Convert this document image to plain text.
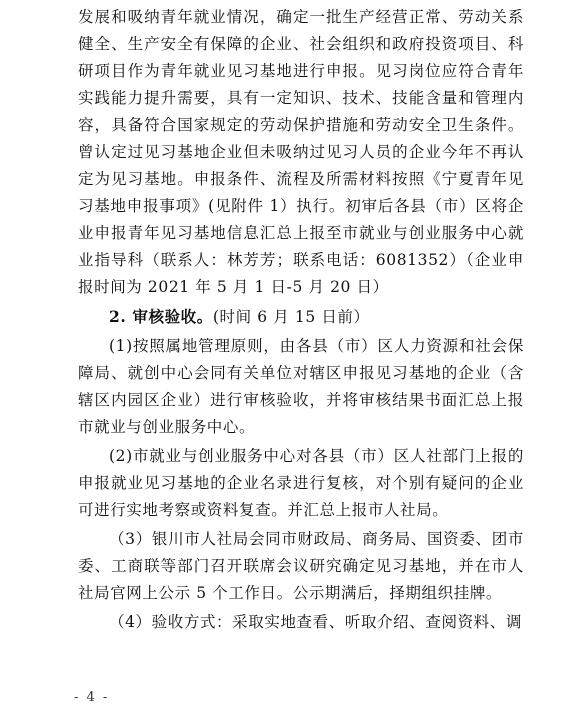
发展和吸纳青年就业情况，确定一批生产经营正常、劳动关系健全、生产安全有保障的企业、社会组织和政府投资项目、科研项目作为青年就业见习基地进行申报。见习岗位应符合青年实践能力提升需要，具有一定知识、技术、技能含量和管理内容，具备符合国家规定的劳动保护措施和劳动安全卫生条件。曾认定过见习基地企业但未吸纳过见习人员的企业今年不再认定为见习基地。申报条件、流程及所需材料按照《宁夏青年见习基地申报事项》(见附件 1）执行。初审后各县（市）区将企业申报青年见习基地信息汇总上报至市就业与创业服务中心就业指导科（联系人：林芳芳；联系电话：6081352）（企业申报时间为 2021 年 5 月 1 日-5 月 20 日）

2. 审核验收。(时间 6 月 15 日前）

(1)按照属地管理原则，由各县（市）区人力资源和社会保障局、就创中心会同有关单位对辖区申报见习基地的企业（含辖区内园区企业）进行审核验收，并将审核结果书面汇总上报市就业与创业服务中心。

(2)市就业与创业服务中心对各县（市）区人社部门上报的申报就业见习基地的企业名录进行复核，对个别有疑问的企业可进行实地考察或资料复查。并汇总上报市人社局。

（3）银川市人社局会同市财政局、商务局、国资委、团市委、工商联等部门召开联席会议研究确定见习基地，并在市人社局官网上公示 5 个工作日。公示期满后，择期组织挂牌。

（4）验收方式：采取实地查看、听取介绍、查阅资料、调

- 4 -
